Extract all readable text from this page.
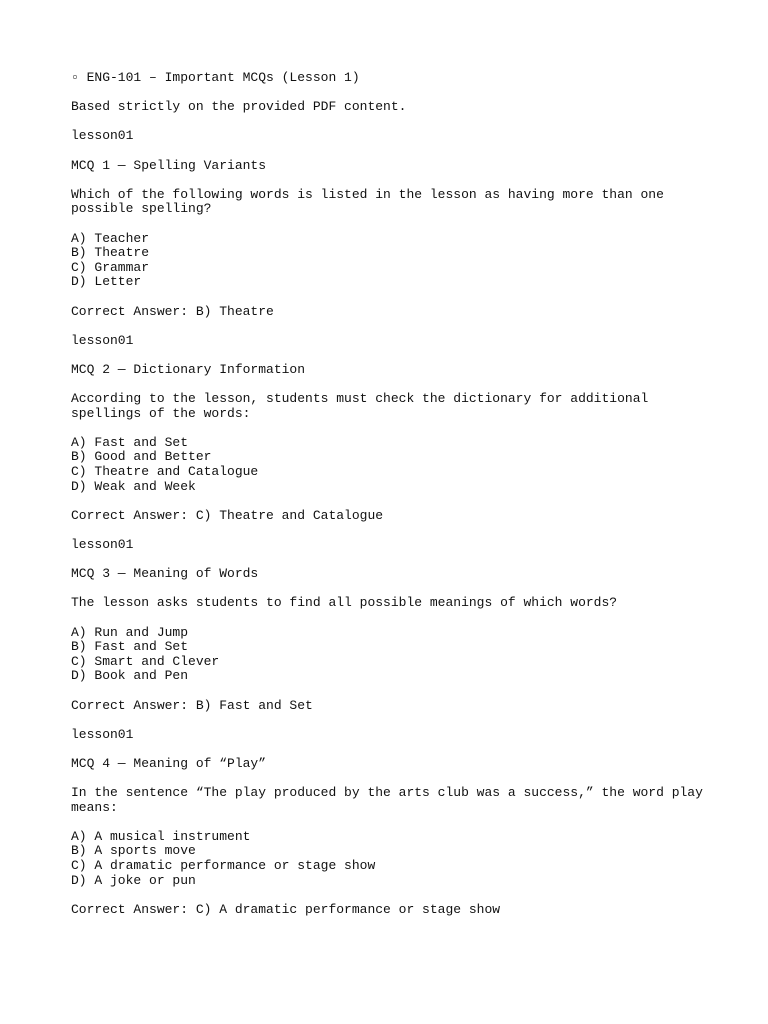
▫ ENG-101 – Important MCQs (Lesson 1)
Based strictly on the provided PDF content.
lesson01
MCQ 1 — Spelling Variants
Which of the following words is listed in the lesson as having more than one
possible spelling?
A) Teacher
B) Theatre
C) Grammar
D) Letter
Correct Answer: B) Theatre
lesson01
MCQ 2 — Dictionary Information
According to the lesson, students must check the dictionary for additional
spellings of the words:
A) Fast and Set
B) Good and Better
C) Theatre and Catalogue
D) Weak and Week
Correct Answer: C) Theatre and Catalogue
lesson01
MCQ 3 — Meaning of Words
The lesson asks students to find all possible meanings of which words?
A) Run and Jump
B) Fast and Set
C) Smart and Clever
D) Book and Pen
Correct Answer: B) Fast and Set
lesson01
MCQ 4 — Meaning of “Play”
In the sentence “The play produced by the arts club was a success,” the word play
means:
A) A musical instrument
B) A sports move
C) A dramatic performance or stage show
D) A joke or pun
Correct Answer: C) A dramatic performance or stage show
